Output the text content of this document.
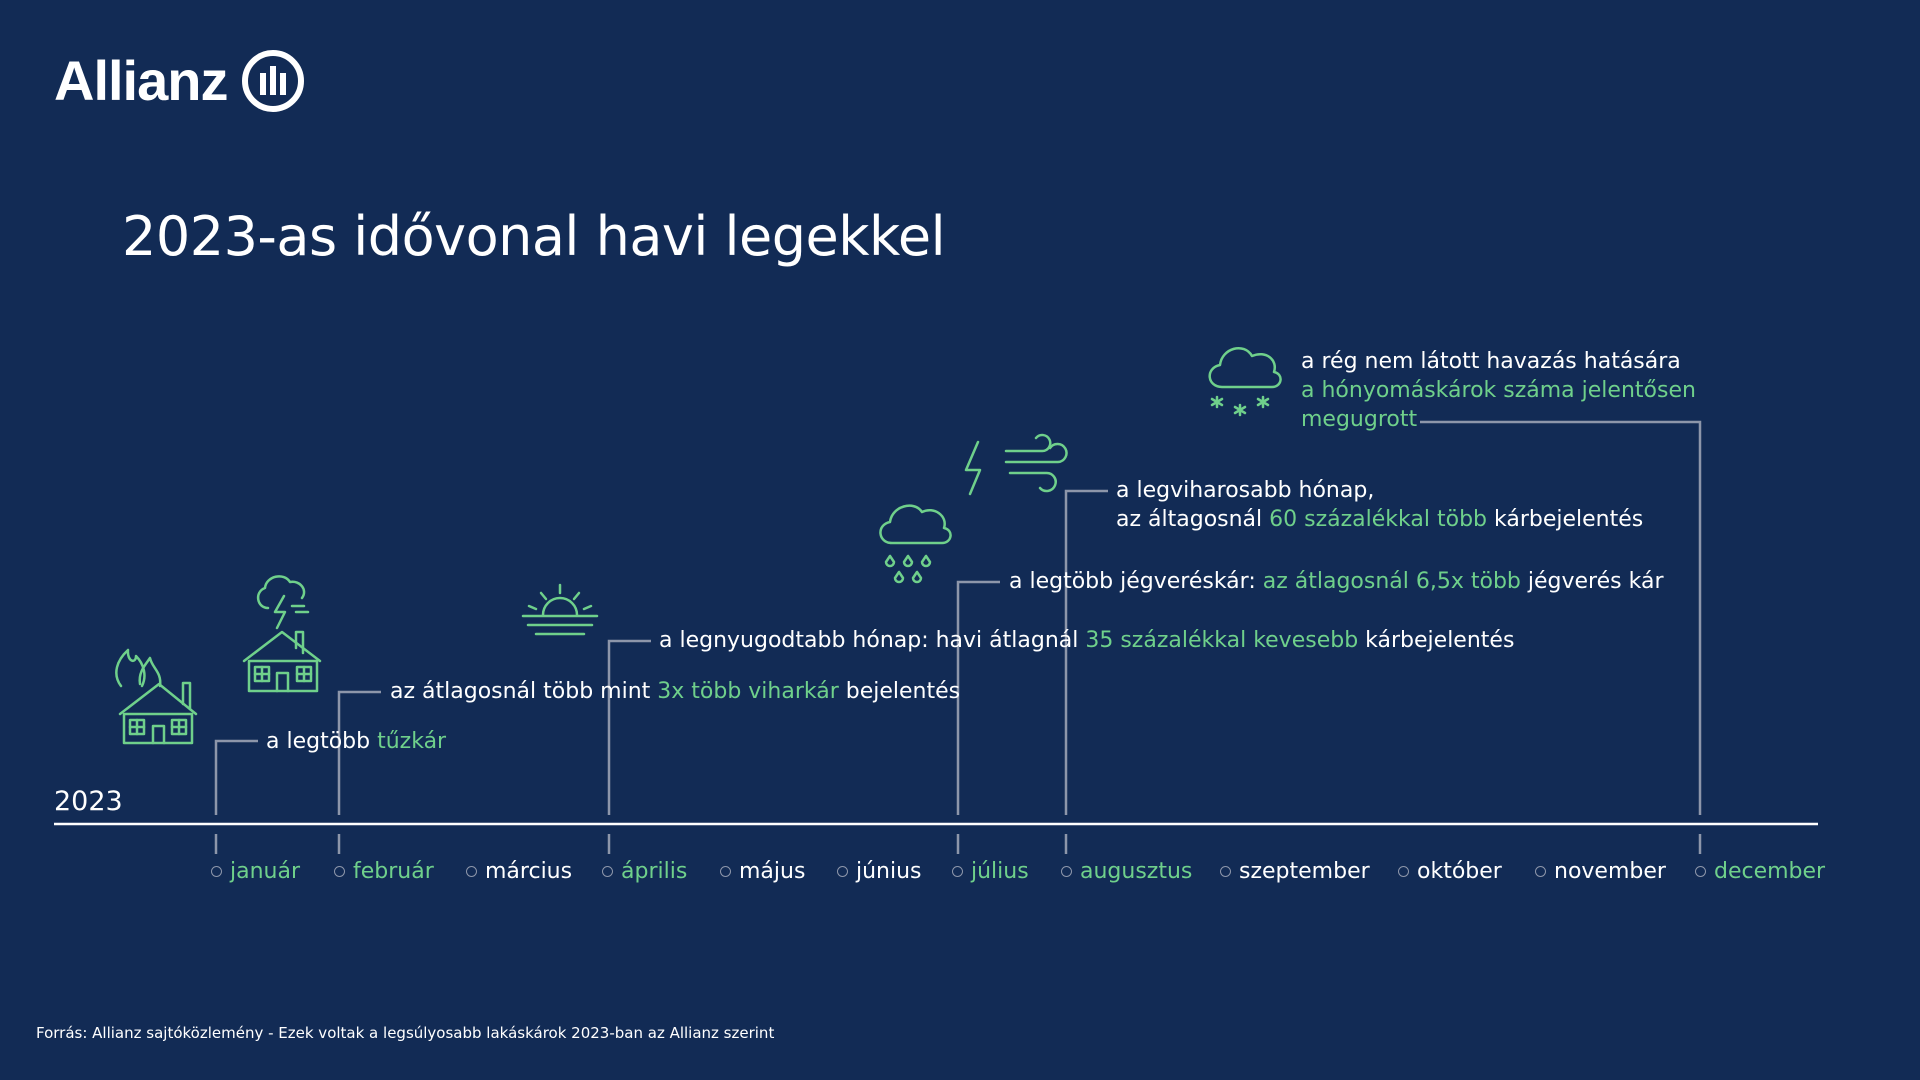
Allianz
2023-as idővonal havi legekkel
a legtöbb tűzkár
az átlagosnál több mint 3x több viharkár bejelentés
a legnyugodtabb hónap: havi átlagnál 35 százalékkal kevesebb kárbejelentés
a legtöbb jégveréskár: az átlagosnál 6,5x több jégverés kár
a legviharosabb hónap,
az áltagosnál 60 százalékkal több kárbejelentés
a rég nem látott havazás hatására
a hónyomáskárok száma jelentősen
megugrott
2023
január február március április május június július augusztus szeptember október november december
Forrás: Allianz sajtóközlemény - Ezek voltak a legsúlyosabb lakáskárok 2023-ban az Allianz szerint
